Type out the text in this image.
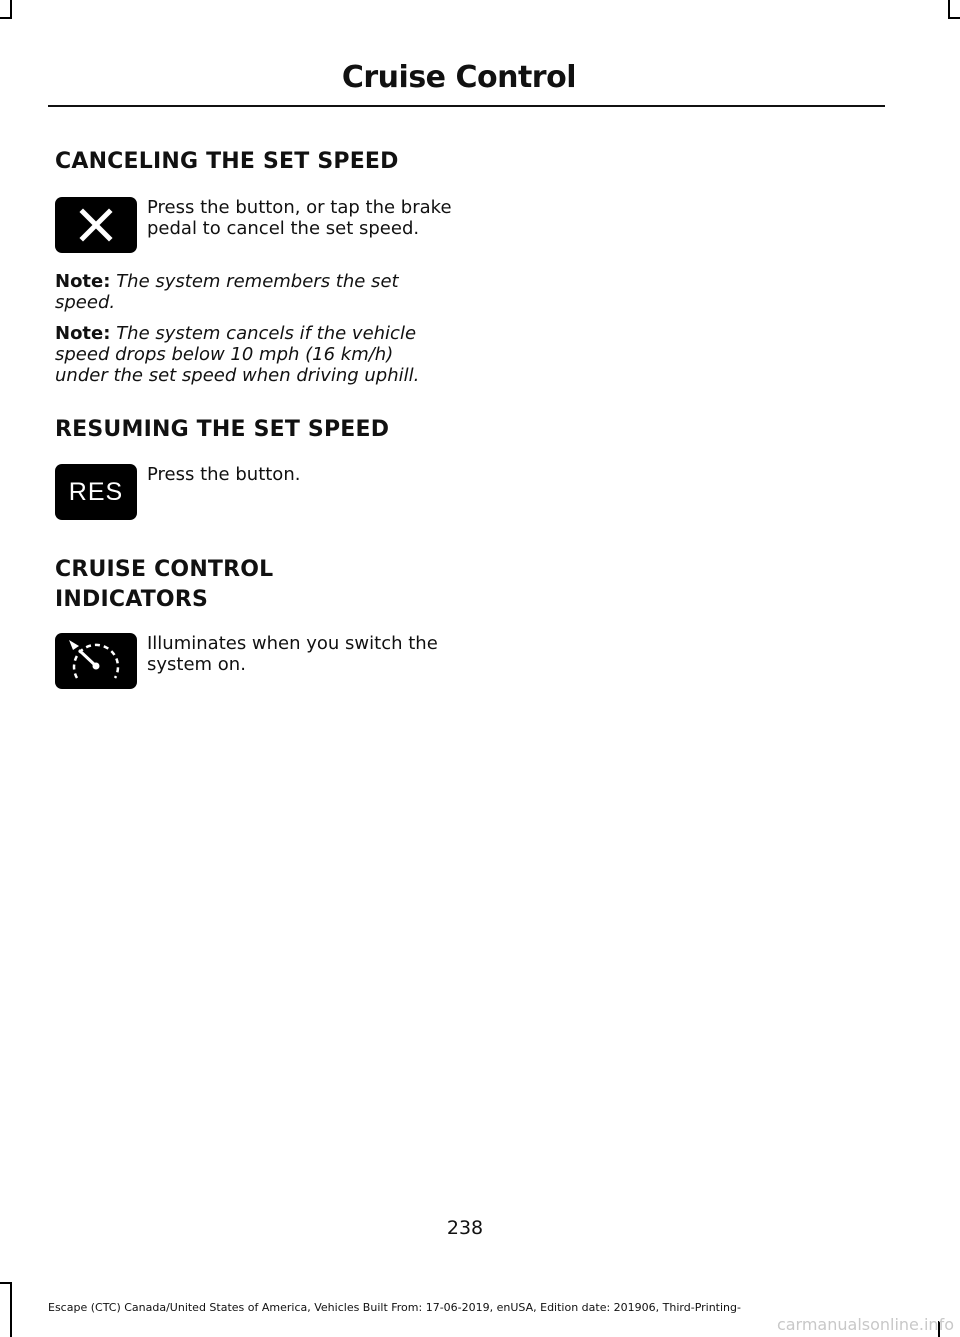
Cruise Control
CANCELING THE SET SPEED
Press the button, or tap the brake pedal to cancel the set speed.
Note: The system remembers the set speed.
Note: The system cancels if the vehicle speed drops below 10 mph (16 km/h) under the set speed when driving uphill.
RESUMING THE SET SPEED
RES
Press the button.
CRUISE CONTROL
INDICATORS
Illuminates when you switch the system on.
238
Escape (CTC) Canada/United States of America, Vehicles Built From: 17-06-2019, enUSA, Edition date: 201906, Third-Printing-
carmanualsonline.info
